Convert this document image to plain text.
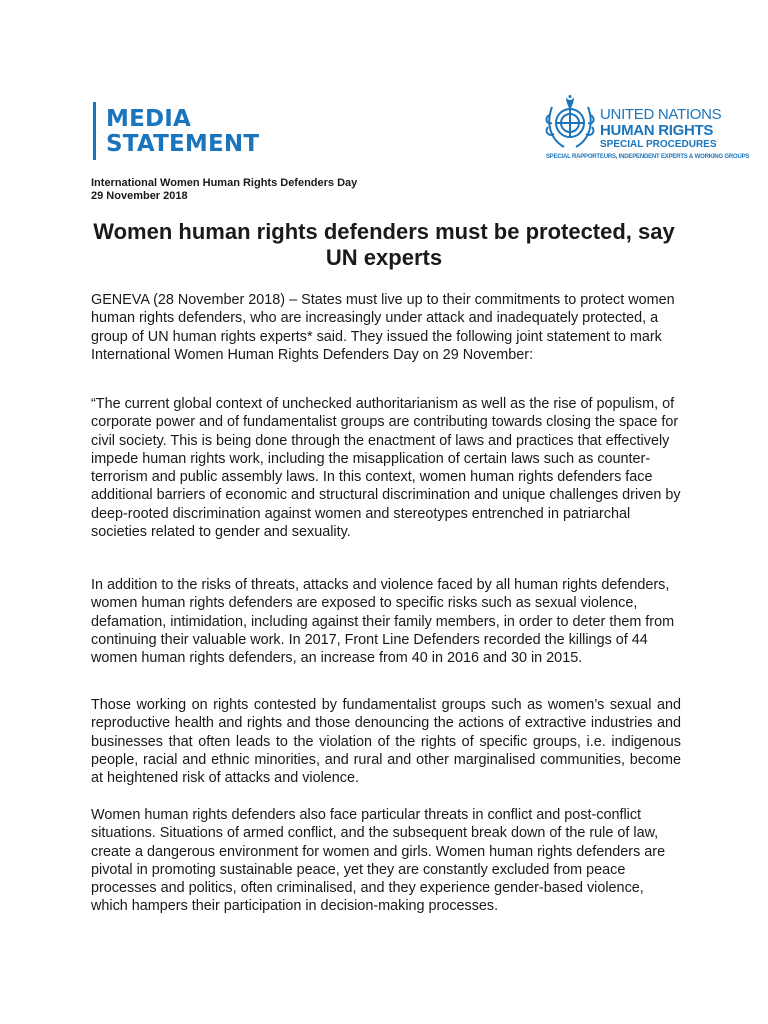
MEDIA
STATEMENT
UNITED NATIONS
HUMAN RIGHTS
SPECIAL PROCEDURES
SPECIAL RAPPORTEURS, INDEPENDENT EXPERTS & WORKING GROUPS
International Women Human Rights Defenders Day
29 November 2018
Women human rights defenders must be protected, say UN experts

GENEVA (28 November 2018) – States must live up to their commitments to protect women human rights defenders, who are increasingly under attack and inadequately protected, a group of UN human rights experts* said. They issued the following joint statement to mark International Women Human Rights Defenders Day on 29 November:

“The current global context of unchecked authoritarianism as well as the rise of populism, of corporate power and of fundamentalist groups are contributing towards closing the space for civil society. This is being done through the enactment of laws and practices that effectively impede human rights work, including the misapplication of certain laws such as counter-terrorism and public assembly laws. In this context, women human rights defenders face additional barriers of economic and structural discrimination and unique challenges driven by deep-rooted discrimination against women and stereotypes entrenched in patriarchal societies related to gender and sexuality.

In addition to the risks of threats, attacks and violence faced by all human rights defenders, women human rights defenders are exposed to specific risks such as sexual violence, defamation, intimidation, including against their family members, in order to deter them from continuing their valuable work. In 2017, Front Line Defenders recorded the killings of 44 women human rights defenders, an increase from 40 in 2016 and 30 in 2015.

Those working on rights contested by fundamentalist groups such as women’s sexual and reproductive health and rights and those denouncing the actions of extractive industries and businesses that often leads to the violation of the rights of specific groups, i.e. indigenous people, racial and ethnic minorities, and rural and other marginalised communities, become at heightened risk of attacks and violence.

Women human rights defenders also face particular threats in conflict and post-conflict situations. Situations of armed conflict, and the subsequent break down of the rule of law, create a dangerous environment for women and girls. Women human rights defenders are pivotal in promoting sustainable peace, yet they are constantly excluded from peace processes and politics, often criminalised, and they experience gender-based violence, which hampers their participation in decision-making processes.
